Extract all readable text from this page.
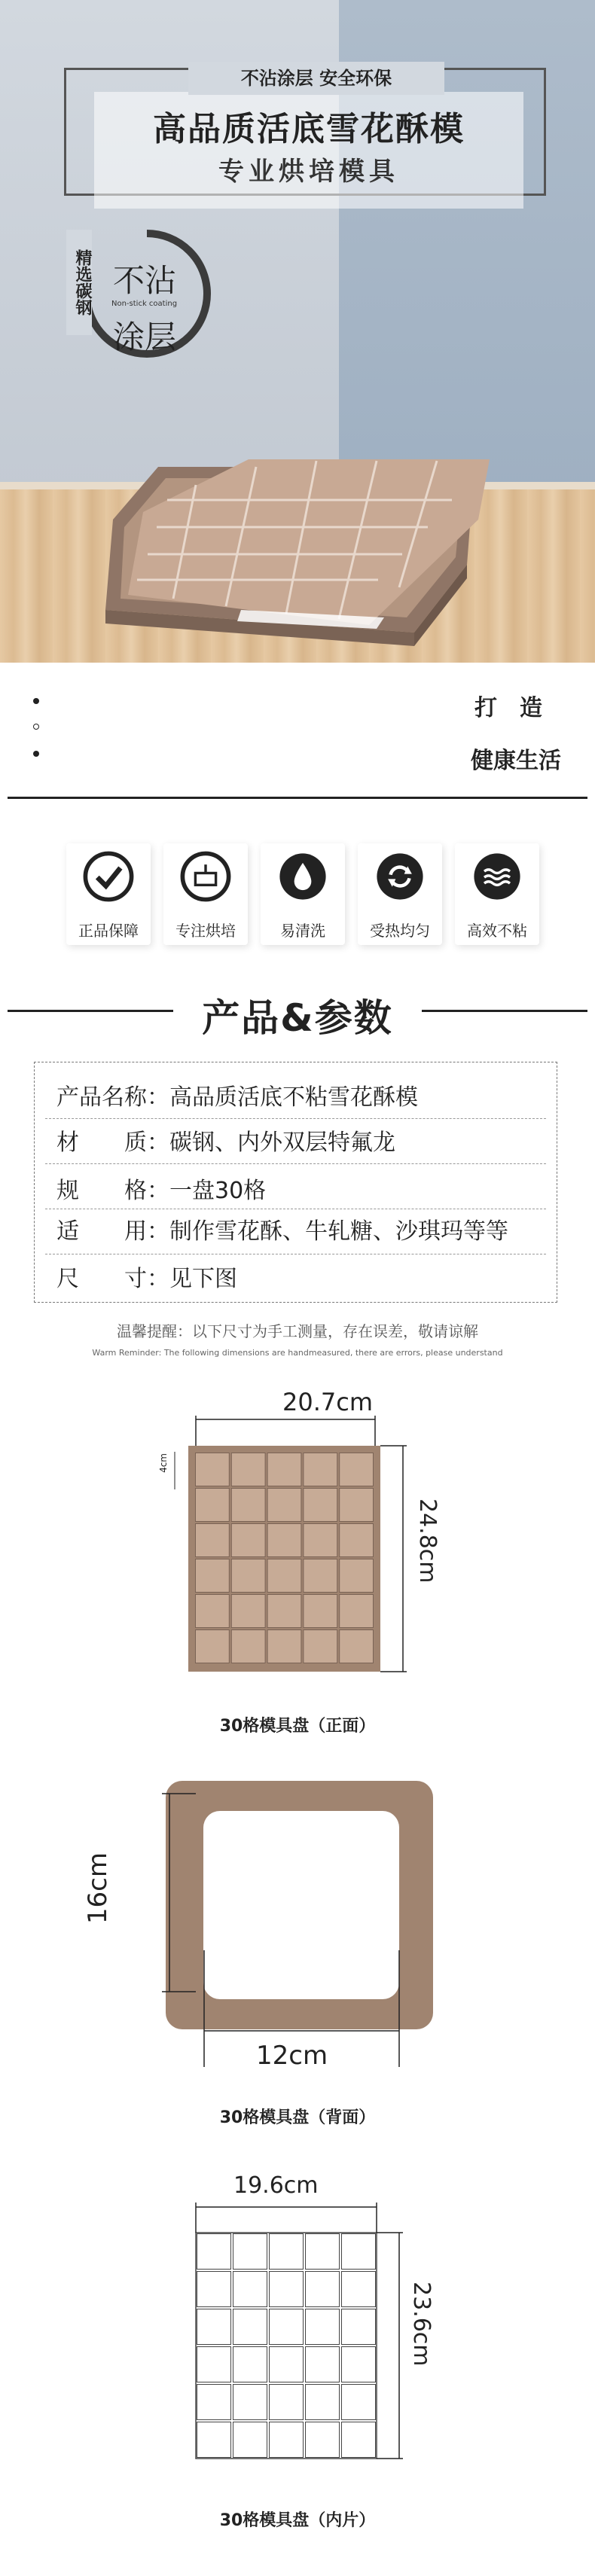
不沾涂层 安全环保
高品质活底雪花酥模
专业烘培模具
精选碳钢 不沾
Non-stick coating
涂层
打造
健康生活
正品保障	专注烘培	易清洗	受热均匀	高效不粘
产品&参数
产品名称：高品质活底不粘雪花酥模
材　　质：碳钢、内外双层特氟龙
规　　格：一盘30格
适　　用：制作雪花酥、牛轧糖、沙琪玛等等
尺　　寸：见下图
温馨提醒：以下尺寸为手工测量，存在误差，敬请谅解
Warm Reminder: The following dimensions are handmeasured, there are errors, please understand
20.7cm
24.8cm
4cm
30格模具盘（正面）
16cm
12cm
30格模具盘（背面）
19.6cm
23.6cm
30格模具盘（内片）
